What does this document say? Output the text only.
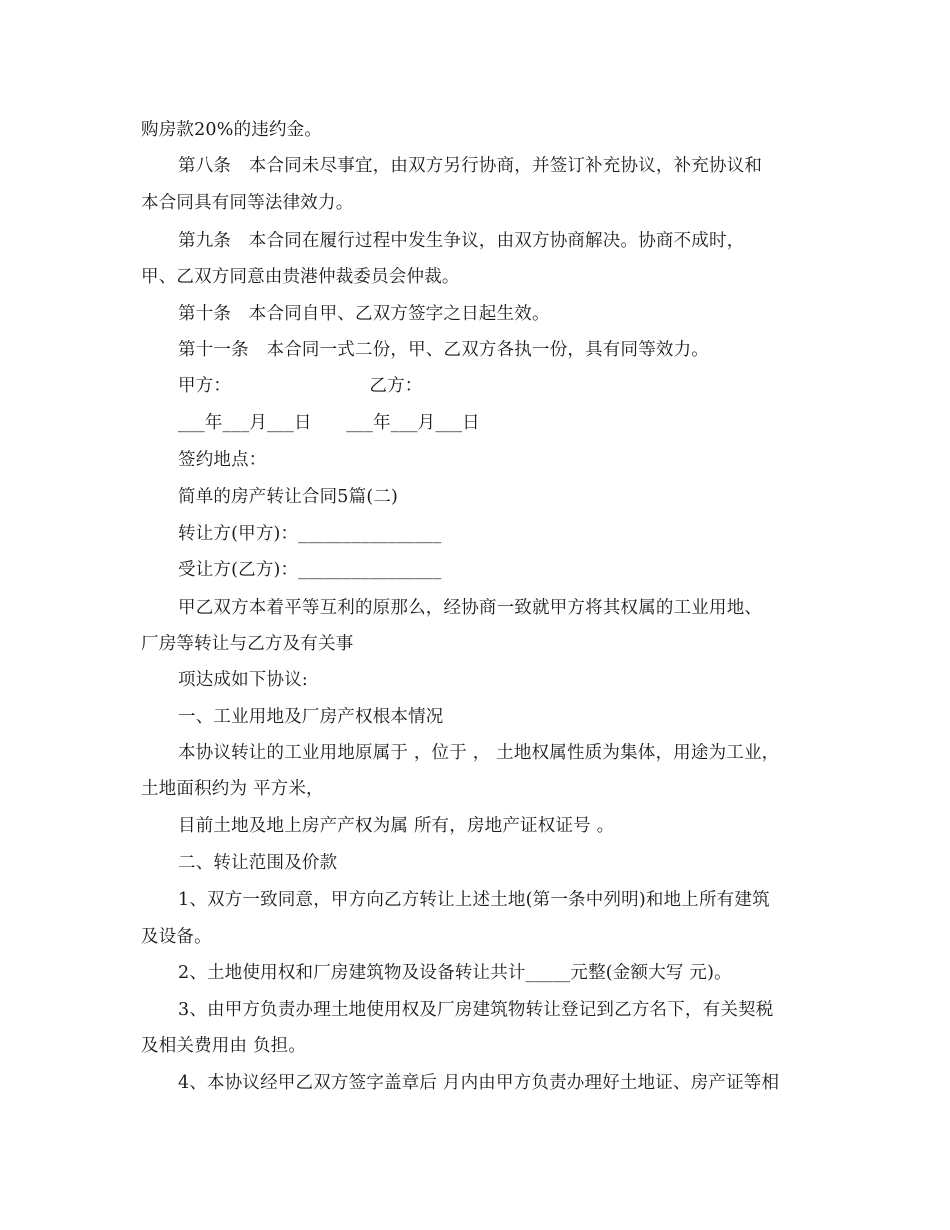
购房款20%的违约金。
第八条　本合同未尽事宜，由双方另行协商，并签订补充协议，补充协议和
本合同具有同等法律效力。
第九条　本合同在履行过程中发生争议，由双方协商解决。协商不成时，
甲、乙双方同意由贵港仲裁委员会仲裁。
第十条　本合同自甲、乙双方签字之日起生效。
第十一条　本合同一式二份，甲、乙双方各执一份，具有同等效力。
甲方：                        乙方：
___年___月___日      ___年___月___日
签约地点：
简单的房产转让合同5篇(二)
转让方(甲方)：________________
受让方(乙方)：________________
甲乙双方本着平等互利的原那么，经协商一致就甲方将其权属的工业用地、
厂房等转让与乙方及有关事
项达成如下协议:
一、工业用地及厂房产权根本情况
本协议转让的工业用地原属于 ，位于 ， 土地权属性质为集体，用途为工业，
土地面积约为 平方米，
目前土地及地上房产产权为属 所有，房地产证权证号 。
二、转让范围及价款
1、双方一致同意，甲方向乙方转让上述土地(第一条中列明)和地上所有建筑
及设备。
2、土地使用权和厂房建筑物及设备转让共计_____元整(金额大写 元)。
3、由甲方负责办理土地使用权及厂房建筑物转让登记到乙方名下，有关契税
及相关费用由 负担。
4、本协议经甲乙双方签字盖章后 月内由甲方负责办理好土地证、房产证等相
